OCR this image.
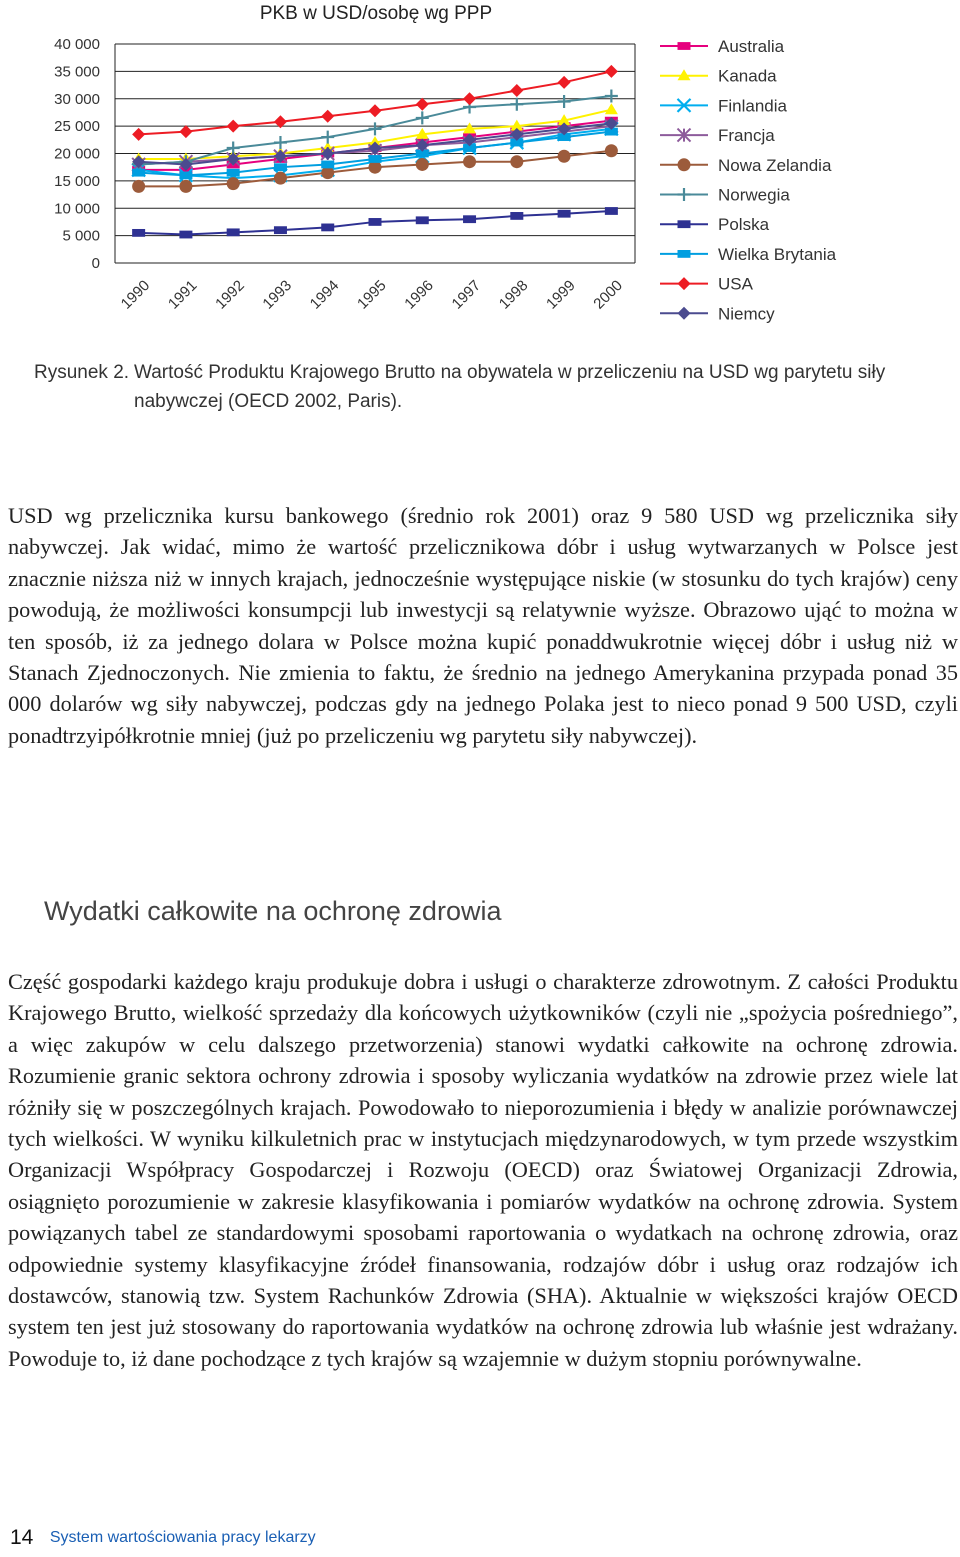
PKB w USD/osobę wg PPP
40 000
35 000
30 000
25 000
20 000
15 000
10 000
5 000
0
1990 1991 1992 1993 1994 1995 1996 1997 1998 1999 2000
Australia
Kanada
Finlandia
Francja
Nowa Zelandia
Norwegia
Polska
Wielka Brytania
USA
Niemcy
Rysunek 2. Wartość Produktu Krajowego Brutto na obywatela w przeliczeniu na USD wg parytetu siły
nabywczej (OECD 2002, Paris).

USD wg przelicznika kursu bankowego (średnio rok 2001) oraz 9 580 USD wg przelicznika siły nabywczej. Jak widać, mimo że wartość przelicznikowa dóbr i usług wytwarzanych w Polsce jest znacznie niższa niż w innych krajach, jednocześnie występujące niskie (w stosunku do tych krajów) ceny powodują, że możliwości konsumpcji lub inwestycji są relatywnie wyższe. Obrazowo ująć to można w ten sposób, iż za jednego dolara w Polsce można kupić ponaddwukrotnie więcej dóbr i usług niż w Stanach Zjednoczonych. Nie zmienia to faktu, że średnio na jednego Amerykanina przypada ponad 35 000 dolarów wg siły nabywczej, podczas gdy na jednego Polaka jest to nieco ponad 9 500 USD, czyli ponadtrzyipółkrotnie mniej (już po przeliczeniu wg parytetu siły nabywczej).

Wydatki całkowite na ochronę zdrowia

Część gospodarki każdego kraju produkuje dobra i usługi o charakterze zdrowotnym. Z całości Produktu Krajowego Brutto, wielkość sprzedaży dla końcowych użytkowników (czyli nie „spożycia pośredniego”, a więc zakupów w celu dalszego przetworzenia) stanowi wydatki całkowite na ochronę zdrowia. Rozumienie granic sektora ochrony zdrowia i sposoby wyliczania wydatków na zdrowie przez wiele lat różniły się w poszczególnych krajach. Powodowało to nieporozumienia i błędy w analizie porównawczej tych wielkości. W wyniku kilkuletnich prac w instytucjach międzynarodowych, w tym przede wszystkim Organizacji Współpracy Gospodarczej i Rozwoju (OECD) oraz Światowej Organizacji Zdrowia, osiągnięto porozumienie w zakresie klasyfikowania i pomiarów wydatków na ochronę zdrowia. System powiązanych tabel ze standardowymi sposobami raportowania o wydatkach na ochronę zdrowia, oraz odpowiednie systemy klasyfikacyjne źródeł finansowania, rodzajów dóbr i usług oraz rodzajów ich dostawców, stanowią tzw. System Rachunków Zdrowia (SHA). Aktualnie w większości krajów OECD system ten jest już stosowany do raportowania wydatków na ochronę zdrowia lub właśnie jest wdrażany. Powoduje to, iż dane pochodzące z tych krajów są wzajemnie w dużym stopniu porównywalne.

14 System wartościowania pracy lekarzy
